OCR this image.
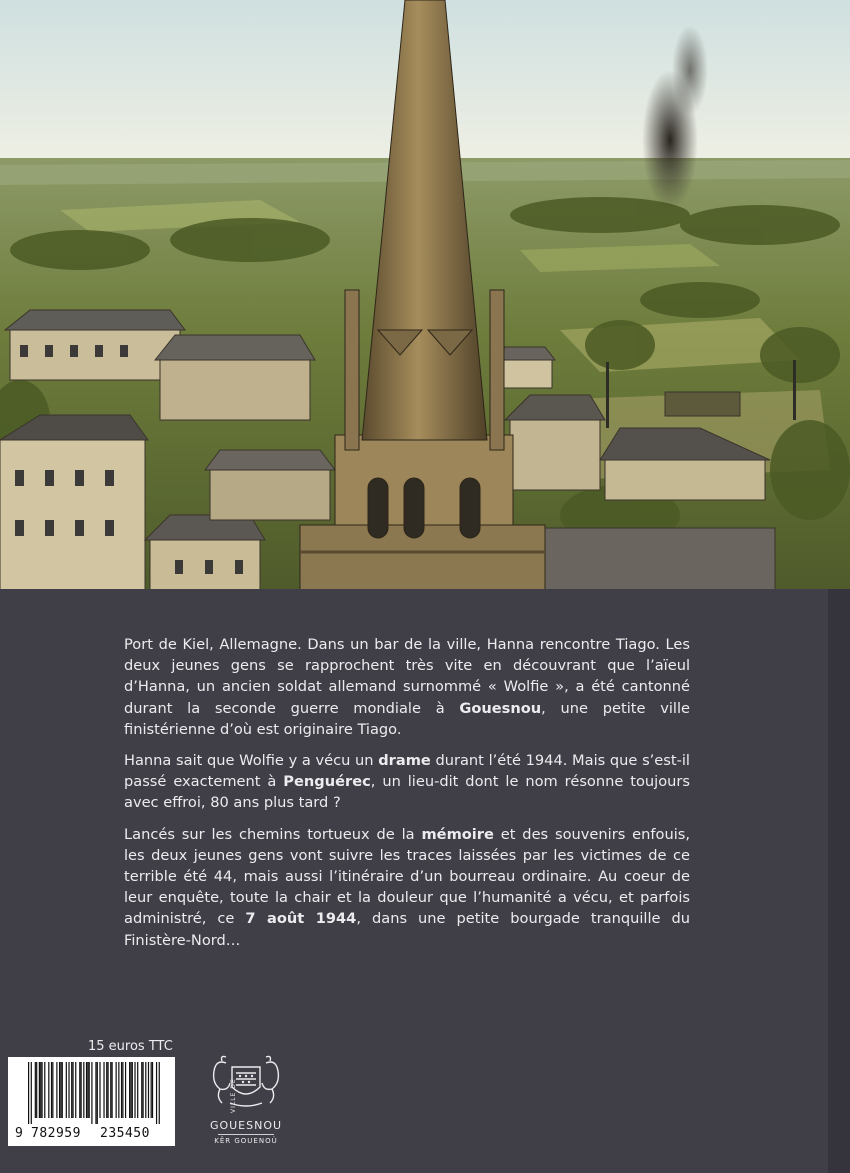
Port de Kiel, Allemagne. Dans un bar de la ville, Hanna rencontre Tiago. Les deux jeunes gens se rapprochent très vite en découvrant que l’aïeul d’Hanna, un ancien soldat allemand surnommé « Wolfie », a été cantonné durant la seconde guerre mondiale à Gouesnou, une petite ville finistérienne d’où est originaire Tiago.

Hanna sait que Wolfie y a vécu un drame durant l’été 1944. Mais que s’est-il passé exactement à Penguérec, un lieu-dit dont le nom résonne toujours avec effroi, 80 ans plus tard ?

Lancés sur les chemins tortueux de la mémoire et des souvenirs enfouis, les deux jeunes gens vont suivre les traces laissées par les victimes de ce terrible été 44, mais aussi l’itinéraire d’un bourreau ordinaire. Au coeur de leur enquête, toute la chair et la douleur que l’humanité a vécu, et parfois administré, ce 7 août 1944, dans une petite bourgade tranquille du Finistère-Nord…

15 euros TTC
9 782959 235450
VILLE DE
GOUESNOU
KÊR GOUENOÙ
